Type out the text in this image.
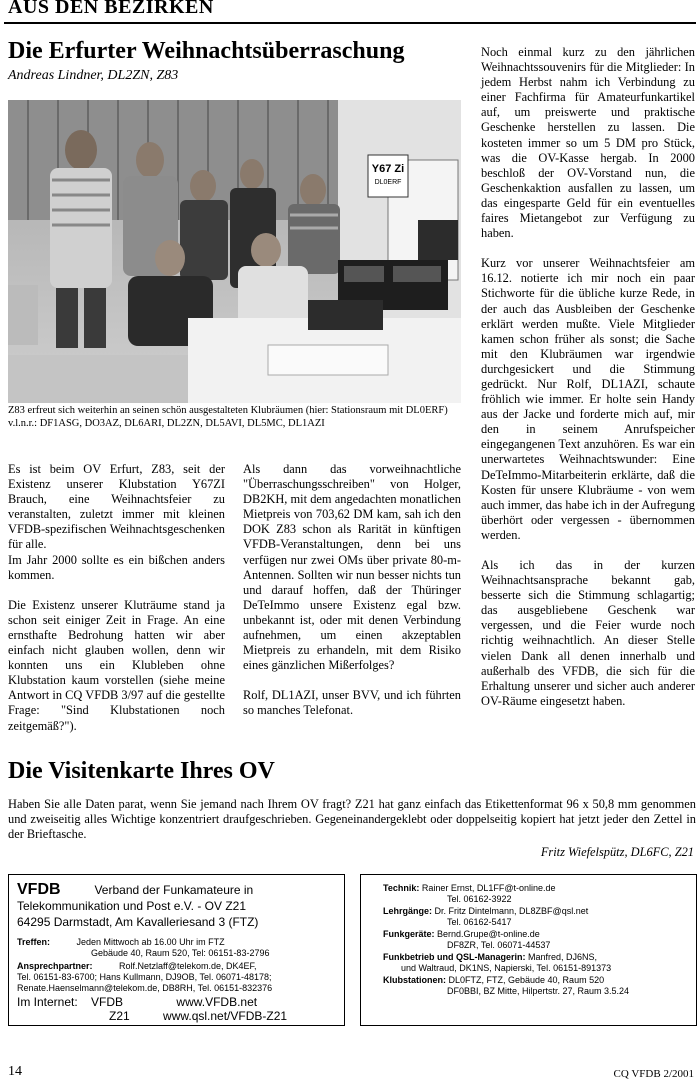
AUS DEN BEZIRKEN
Die Erfurter Weihnachtsüberraschung
Andreas Lindner, DL2ZN, Z83
Y67 Zi
DL0ERF
Z83 erfreut sich weiterhin an seinen schön ausgestalteten Klubräumen (hier: Stationsraum mit DL0ERF)
v.l.n.r.: DF1ASG, DO3AZ, DL6ARI, DL2ZN, DL5AVI, DL5MC, DL1AZI

Es ist beim OV Erfurt, Z83, seit der Existenz unserer Klubstation Y67ZI Brauch, eine Weihnachtsfeier zu veranstalten, zuletzt immer mit kleinen VFDB-spezifischen Weihnachtsgeschenken für alle.

Im Jahr 2000 sollte es ein bißchen anders kommen.

Die Existenz unserer Kluträume stand ja schon seit einiger Zeit in Frage. An eine ernsthafte Bedrohung hatten wir aber einfach nicht glauben wollen, denn wir konnten uns ein Klubleben ohne Klubstation kaum vorstellen (siehe meine Antwort in CQ VFDB 3/97 auf die gestellte Frage: "Sind Klubstationen noch zeitgemäß?").

Als dann das vorweihnachtliche "Überraschungsschreiben" von Holger, DB2KH, mit dem angedachten monatlichen Mietpreis von 703,62 DM kam, sah ich den DOK Z83 schon als Rarität in künftigen VFDB-Veranstaltungen, denn bei uns verfügen nur zwei OMs über private 80-m-Antennen. Sollten wir nun besser nichts tun und darauf hoffen, daß der Thüringer DeTeImmo unsere Existenz egal bzw. unbekannt ist, oder mit denen Verbindung aufnehmen, um einen akzeptablen Mietpreis zu erhandeln, mit dem Risiko eines gänzlichen Mißerfolges?

Rolf, DL1AZI, unser BVV, und ich führten so manches Telefonat.

Noch einmal kurz zu den jährlichen Weihnachtssouvenirs für die Mitglieder: In jedem Herbst nahm ich Verbindung zu einer Fachfirma für Amateurfunkartikel auf, um preiswerte und praktische Geschenke herstellen zu lassen. Die kosteten immer so um 5 DM pro Stück, was die OV-Kasse hergab. In 2000 beschloß der OV-Vorstand nun, die Geschenkaktion ausfallen zu lassen, um das eingesparte Geld für ein eventuelles faires Mietangebot zur Verfügung zu haben.

Kurz vor unserer Weihnachtsfeier am 16.12. notierte ich mir noch ein paar Stichworte für die übliche kurze Rede, in der auch das Ausbleiben der Geschenke erklärt werden mußte. Viele Mitglieder kamen schon früher als sonst; die Sache mit den Klubräumen war irgendwie durchgesickert und die Stimmung gedrückt. Nur Rolf, DL1AZI, schaute fröhlich wie immer. Er holte sein Handy aus der Jacke und forderte mich auf, mir den in seinem Anrufspeicher eingegangenen Text anzuhören. Es war ein unerwartetes Weihnachtswunder: Eine DeTeImmo-Mitarbeiterin erklärte, daß die Kosten für unsere Klubräume - von wem auch immer, das habe ich in der Aufregung überhört oder vergessen - übernommen werden.

Als ich das in der kurzen Weihnachtsansprache bekannt gab, besserte sich die Stimmung schlagartig; das ausgebliebene Geschenk war vergessen, und die Feier wurde noch richtig weihnachtlich. An dieser Stelle vielen Dank all denen innerhalb und außerhalb des VFDB, die sich für die Erhaltung unserer und sicher auch anderer OV-Räume eingesetzt haben.

Die Visitenkarte Ihres OV
Haben Sie alle Daten parat, wenn Sie jemand nach Ihrem OV fragt? Z21 hat ganz einfach das Etikettenformat 96 x 50,8 mm genommen und zweiseitig alles Wichtige konzentriert draufgeschrieben. Gegeneinandergeklebt oder doppelseitig kopiert hat jetzt jeder den Zettel in der Brieftasche.
Fritz Wiefelspütz, DL6FC, Z21
VFDB	Verband der Funkamateure in
Telekommunikation und Post e.V. - OV Z21
64295 Darmstadt, Am Kavalleriesand 3 (FTZ)
Treffen:	Jeden Mittwoch ab 16.00 Uhr im FTZ
Gebäude 40, Raum 520, Tel: 06151-83-2796
Ansprechpartner:	Rolf.Netzlaff@telekom.de, DK4EF,
Tel. 06151-83-6700; Hans Kullmann, DJ9OB, Tel. 06071-48178;
Renate.Haenselmann@telekom.de, DB8RH, Tel. 06151-832376
Im Internet: VFDB	www.VFDB.net
Z21	www.qsl.net/VFDB-Z21
Technik: Rainer Ernst, DL1FF@t-online.de
Tel. 06162-3922
Lehrgänge: Dr. Fritz Dintelmann, DL8ZBF@qsl.net
Tel. 06162-5417
Funkgeräte: Bernd.Grupe@t-online.de
DF8ZR, Tel. 06071-44537
Funkbetrieb und QSL-Managerin: Manfred, DJ6NS,
und Waltraud, DK1NS, Napierski, Tel. 06151-891373
Klubstationen: DL0FTZ, FTZ, Gebäude 40, Raum 520
DF0BBI, BZ Mitte, Hilpertstr. 27, Raum 3.5.24
14	CQ VFDB 2/2001
